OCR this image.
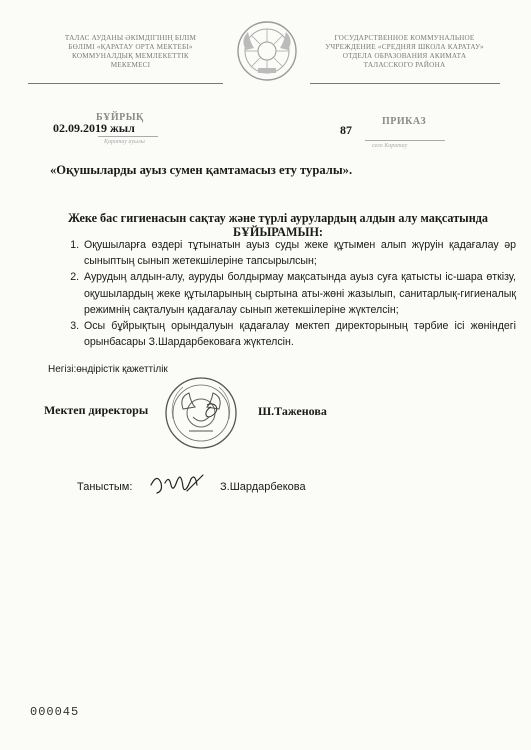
ТАЛАС АУДАНЫ ӘКІМДІГІНІҢ БІЛІМ
БӨЛІМІ «ҚАРАТАУ ОРТА МЕКТЕБІ»
КОММУНАЛДЫҚ МЕМЛЕКЕТТІК
МЕКЕМЕСІ
ГОСУДАРСТВЕННОЕ КОММУНАЛЬНОЕ
УЧРЕЖДЕНИЕ «СРЕДНЯЯ ШКОЛА КАРАТАУ»
ОТДЕЛА ОБРАЗОВАНИЯ АКИМАТА
ТАЛАССКОГО РАЙОНА
БҰЙРЫҚ	ПРИКАЗ
02.09.2019 жыл	87
Қаратау ауылы
село Каратау
«Оқушыларды ауыз сумен қамтамасыз ету туралы».
Жеке бас гигиенасын сақтау және түрлі аурулардың алдын алу мақсатында
БҰЙЫРАМЫН:
1. Оқушыларға өздері тұтынатын ауыз суды жеке құтымен алып жүруін қадағалау әр сыныптың сынып жетекшілеріне тапсырылсын;
2. Аурудың алдын-алу, ауруды болдырмау мақсатында ауыз суға қатысты іс-шара өткізу, оқушылардың жеке құтыларының сыртына аты-жөні жазылып, санитарлық-гигиеналық режимнің сақталуын қадағалау сынып жетекшілеріне жүктелсін;
3. Осы бұйрықтың орындалуын қадағалау мектеп директорының тәрбие ісі жөніндегі орынбасары З.Шардарбековаға жүктелсін.
Негізі:өндірістік қажеттілік
Мектеп директоры	Ш.Таженова
Таныстым:	З.Шардарбекова
000045
